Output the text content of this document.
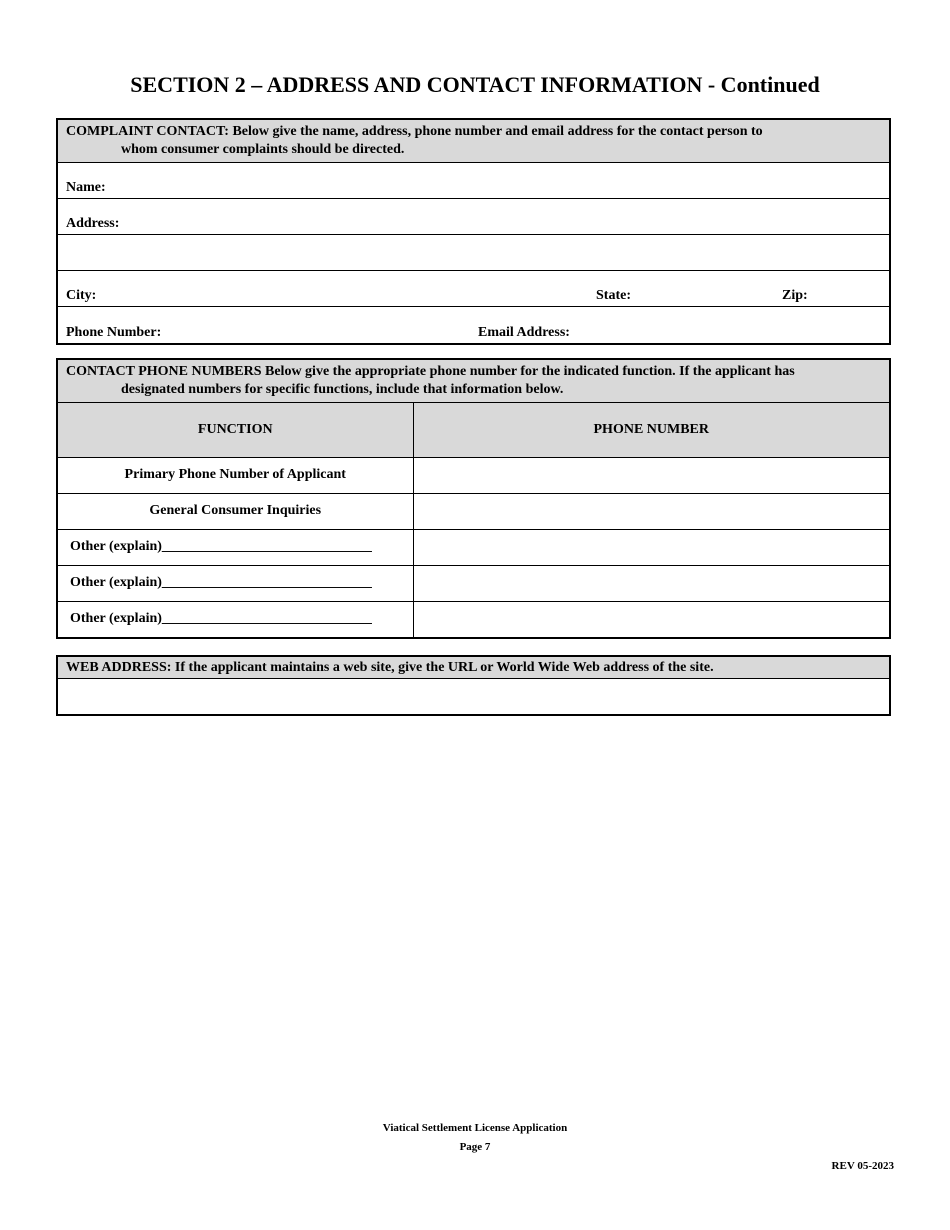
SECTION 2 – ADDRESS AND CONTACT INFORMATION - Continued
COMPLAINT CONTACT: Below give the name, address, phone number and email address for the contact person to
whom consumer complaints should be directed.
Name:
Address:
City:	State:	Zip:
Phone Number:	Email Address:
CONTACT PHONE NUMBERS Below give the appropriate phone number for the indicated function. If the applicant has
designated numbers for specific functions, include that information below.
FUNCTION	PHONE NUMBER
Primary Phone Number of Applicant	
General Consumer Inquiries	
Other (explain)______________________________	
Other (explain)______________________________	
Other (explain)______________________________	
WEB ADDRESS: If the applicant maintains a web site, give the URL or World Wide Web address of the site.
Viatical Settlement License Application
Page 7
REV 05-2023
